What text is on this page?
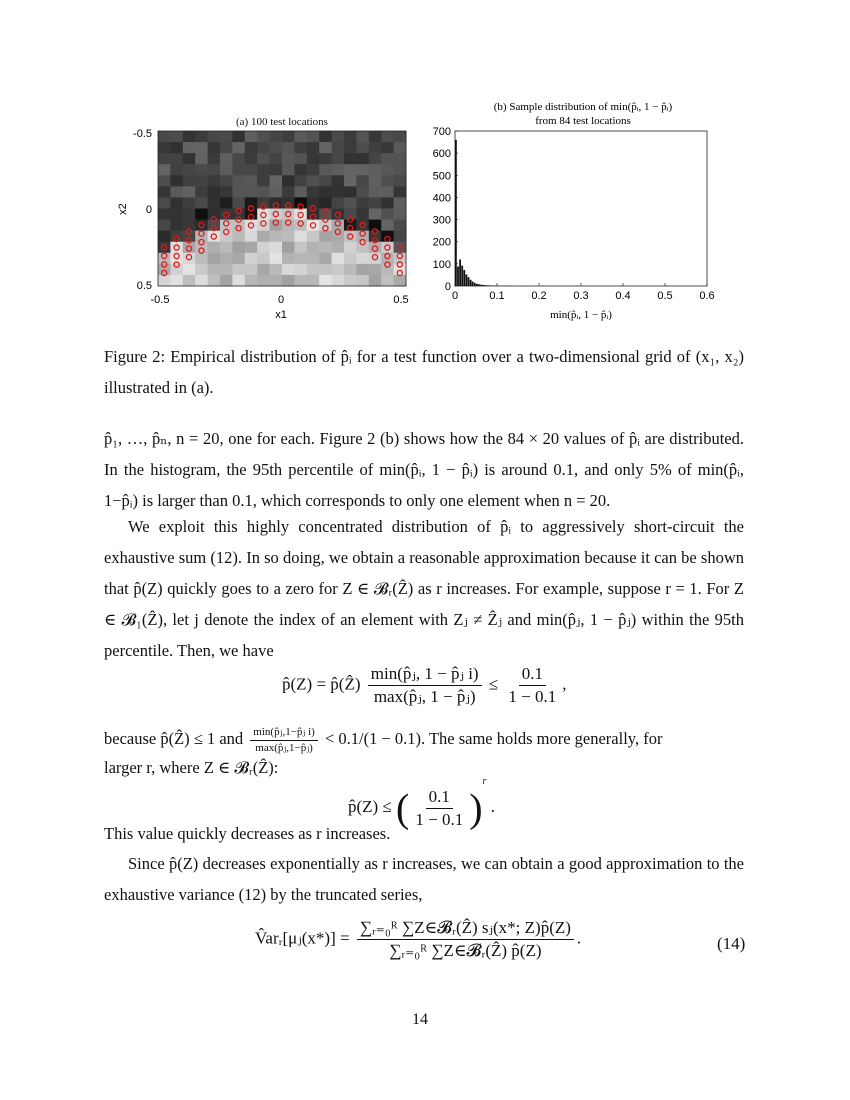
(a) 100 test locations
-0.5
0
0.5
x2
-0.5	0	0.5
x1
(b) Sample distribution of min(p̂ᵢ, 1 − p̂ᵢ)
from 84 test locations
0	0.1 0.2 0.3 0.4 0.5 0.6
0
100
200
300
400
500
600
700
min(p̂ᵢ, 1 − p̂ᵢ)
Figure 2: Empirical distribution of p̂ᵢ for a test function over a two-dimensional grid of (x₁, x₂) illustrated in (a).
p̂₁, …, p̂ₙ, n = 20, one for each. Figure 2 (b) shows how the 84 × 20 values of p̂ᵢ are distributed. In the histogram, the 95th percentile of min(p̂ᵢ, 1 − p̂ᵢ) is around 0.1, and only 5% of min(p̂ᵢ, 1−p̂ᵢ) is larger than 0.1, which corresponds to only one element when n = 20.
We exploit this highly concentrated distribution of p̂ᵢ to aggressively short-circuit the exhaustive sum (12). In so doing, we obtain a reasonable approximation because it can be shown that p̂(Z) quickly goes to a zero for Z ∈ 𝓑ᵣ(Ẑ) as r increases. For example, suppose r = 1. For Z ∈ 𝓑₁(Ẑ), let j denote the index of an element with Zⱼ ≠ Ẑⱼ and min(p̂ⱼ, 1 − p̂ⱼ) within the 95th percentile. Then, we have
p̂(Z) = p̂(Ẑ) $\frac{\text{min(p̂ⱼ, 1 − p̂ⱼ i)}}{\text{max(p̂ⱼ, 1 − p̂ⱼ)}} \le \frac{0.1}{1 - 0.1}$ ,
because p̂(Ẑ) ≤ 1 and $\frac{\text{min(p̂ⱼ,1−p̂ⱼ i)}}{\text{max(p̂ⱼ,1−p̂ⱼ)}} < 0.1/(1 - 0.1)$. The same holds more generally, for
larger r, where Z ∈ 𝓑ᵣ(Ẑ):
p̂(Z) ≤ ( $\frac{0.1}{1 - 0.1} )^r$ .
This value quickly decreases as r increases.
Since p̂(Z) decreases exponentially as r increases, we can obtain a good approximation to the exhaustive variance (12) by the truncated series,
V̂arᵣ[μⱼ(x*)] = $\frac{\text{∑ᵣ₌₀ᴿ ∑Z∈𝓑ᵣ(Ẑ) sⱼ(x*; Z)p̂(Z)}}{\text{∑ᵣ₌₀ᴿ ∑Z∈𝓑ᵣ(Ẑ) p̂(Z)}}$ .	(14)
14
